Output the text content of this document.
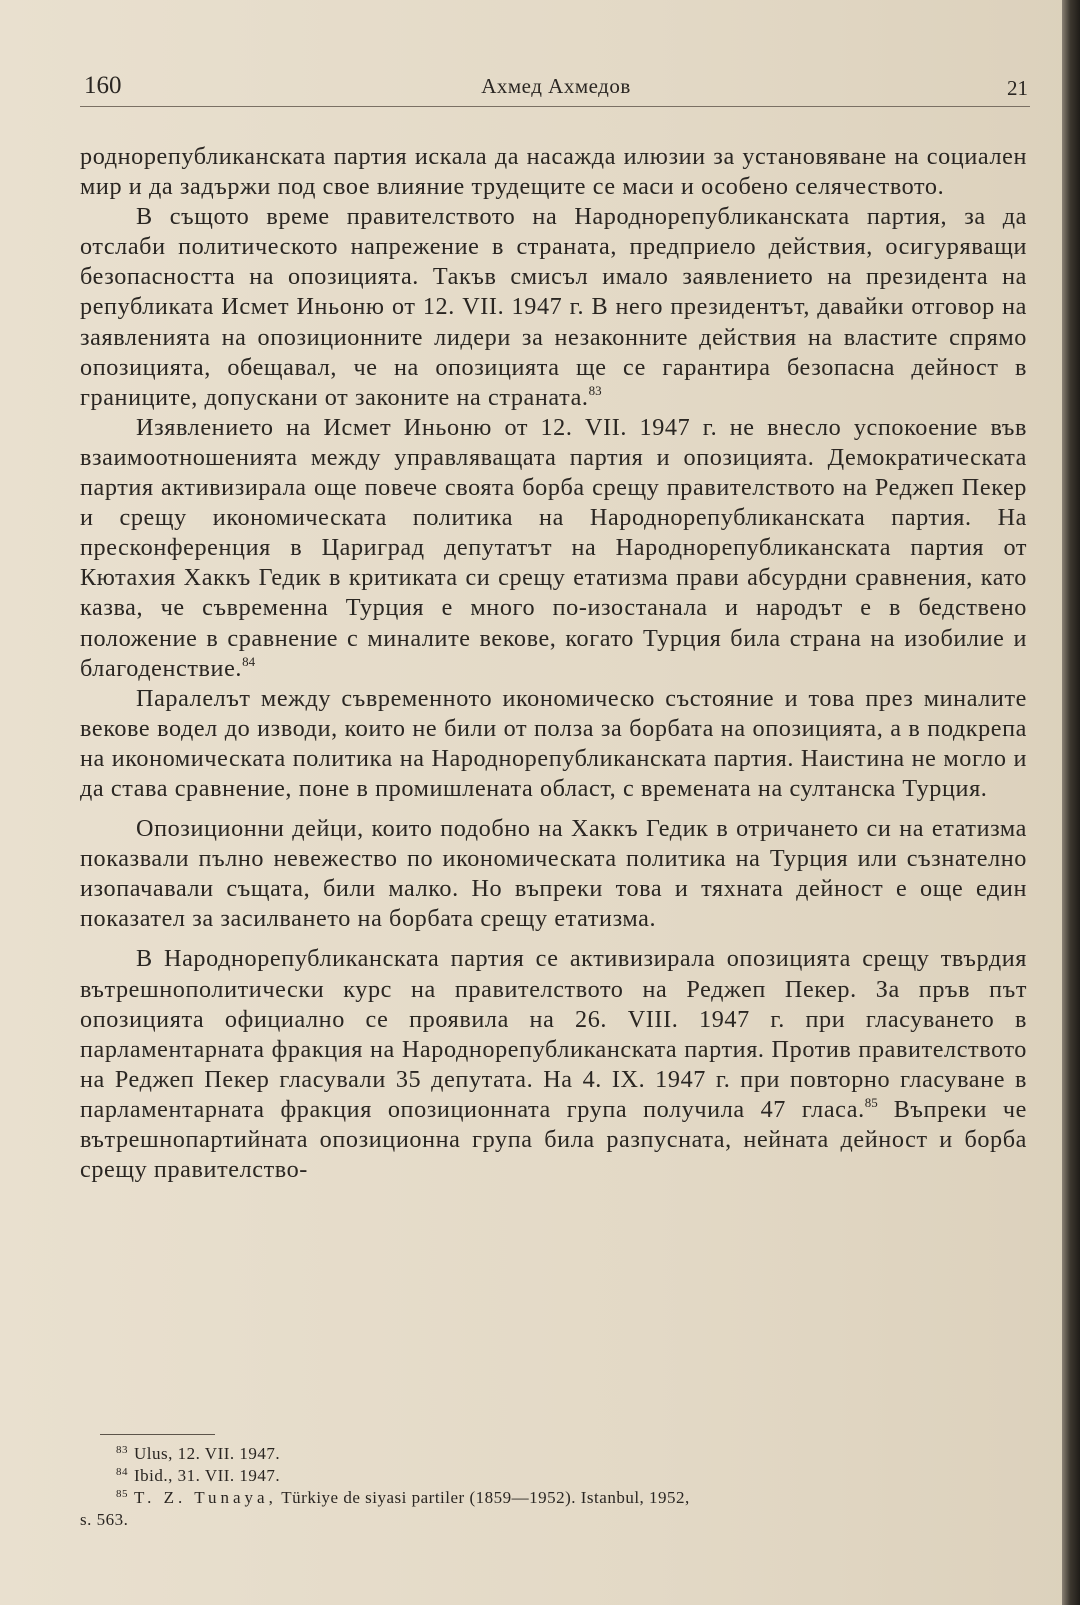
160	Ахмед Ахмедов	21

роднорепубликанската партия искала да насажда илюзии за установяване на социален мир и да задържи под свое влияние трудещите се маси и особено селячеството.

В същото време правителството на Народнорепубликанската партия, за да отслаби политическото напрежение в страната, предприело действия, осигуряващи безопасността на опозицията. Такъв смисъл имало заявлението на президента на републиката Исмет Иньоню от 12. VII. 1947 г. В него президентът, давайки отговор на заявленията на опозиционните лидери за незаконните действия на властите спрямо опозицията, обещавал, че на опозицията ще се гарантира безопасна дейност в границите, допускани от законите на страната.$^{83}$

Изявлението на Исмет Иньоню от 12. VII. 1947 г. не внесло успокоение във взаимоотношенията между управляващата партия и опозицията. Демократическата партия активизирала още повече своята борба срещу правителството на Реджеп Пекер и срещу икономическата политика на Народнорепубликанската партия. На пресконференция в Цариград депутатът на Народнорепубликанската партия от Кютахия Хаккъ Гедик в критиката си срещу етатизма прави абсурдни сравнения, като казва, че съвременна Турция е много по-изостанала и народът е в бедствено положение в сравнение с миналите векове, когато Турция била страна на изобилие и благоденствие.$^{84}$

Паралелът между съвременното икономическо състояние и това през миналите векове водел до изводи, които не били от полза за борбата на опозицията, а в подкрепа на икономическата политика на Народнорепубликанската партия. Наистина не могло и да става сравнение, поне в промишлената област, с времената на султанска Турция.

Опозиционни дейци, които подобно на Хаккъ Гедик в отричането си на етатизма показвали пълно невежество по икономическата политика на Турция или съзнателно изопачавали същата, били малко. Но въпреки това и тяхната дейност е още един показател за засилването на борбата срещу етатизма.

В Народнорепубликанската партия се активизирала опозицията срещу твърдия вътрешнополитически курс на правителството на Реджеп Пекер. За пръв път опозицията официално се проявила на 26. VIII. 1947 г. при гласуването в парламентарната фракция на Народнорепубликанската партия. Против правителството на Реджеп Пекер гласували 35 депутата. На 4. IX. 1947 г. при повторно гласуване в парламентарната фракция опозиционната група получила 47 гласа.$^{85}$ Въпреки че вътрешнопартийната опозиционна група била разпусната, нейната дейност и борба срещу правителство-

$^{83}$ Ulus, 12. VII. 1947.

$^{84}$ Ibid., 31. VII. 1947.

$^{85}$ T. Z. Tunaya, Türkiye de siyasi partiler (1859—1952). Istanbul, 1952,

s. 563.
